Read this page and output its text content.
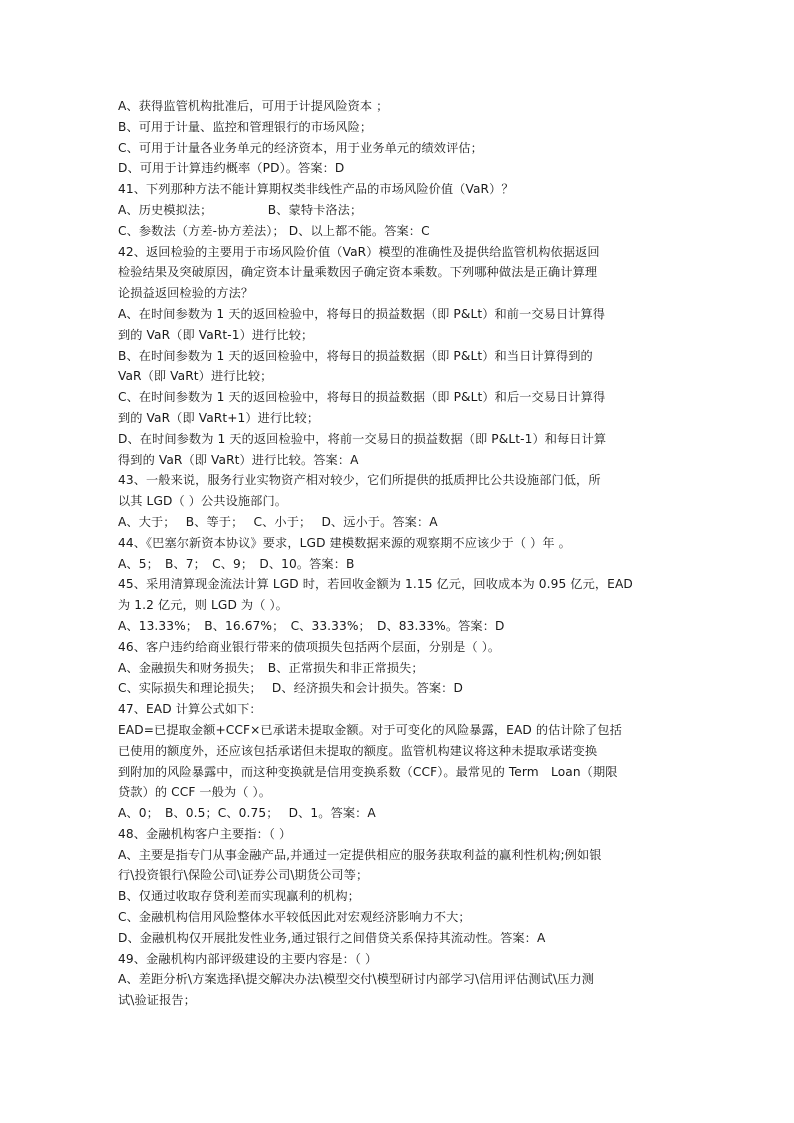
A、获得监管机构批准后，可用于计提风险资本 ；
B、可用于计量、监控和管理银行的市场风险；
C、可用于计量各业务单元的经济资本，用于业务单元的绩效评估；
D、可用于计算违约概率（PD）。答案：D
41、下列那种方法不能计算期权类非线性产品的市场风险价值（VaR）？
A、历史模拟法；　　　　　B、蒙特卡洛法；
C、参数法（方差-协方差法）； D、以上都不能。答案：C
42、返回检验的主要用于市场风险价值（VaR）模型的准确性及提供给监管机构依据返回
检验结果及突破原因，确定资本计量乘数因子确定资本乘数。下列哪种做法是正确计算理
论损益返回检验的方法？
A、在时间参数为 1 天的返回检验中，将每日的损益数据（即 P&Lt）和前一交易日计算得
到的 VaR（即 VaRt-1）进行比较；
B、在时间参数为 1 天的返回检验中，将每日的损益数据（即 P&Lt）和当日计算得到的
VaR（即 VaRt）进行比较；
C、在时间参数为 1 天的返回检验中，将每日的损益数据（即 P&Lt）和后一交易日计算得
到的 VaR（即 VaRt+1）进行比较；
D、在时间参数为 1 天的返回检验中，将前一交易日的损益数据（即 P&Lt-1）和每日计算
得到的 VaR（即 VaRt）进行比较。答案：A
43、一般来说，服务行业实物资产相对较少，它们所提供的抵质押比公共设施部门低，所
以其 LGD（ ）公共设施部门。
A、大于；　 B、等于；　 C、小于；　 D、远小于。答案：A
44、《巴塞尔新资本协议》要求，LGD 建模数据来源的观察期不应该少于（ ）年 。
A、5；　B、7；　C、9；　D、10。答案：B
45、采用清算现金流法计算 LGD 时，若回收金额为 1.15 亿元，回收成本为 0.95 亿元，EAD
为 1.2 亿元，则 LGD 为（ ）。
A、13.33%；　B、16.67%；　C、33.33%；　D、83.33%。答案：D
46、客户违约给商业银行带来的债项损失包括两个层面，分别是（ ）。
A、金融损失和财务损失；　B、正常损失和非正常损失；
C、实际损失和理论损失；　 D、经济损失和会计损失。答案：D
47、EAD 计算公式如下：
EAD=已提取金额+CCF×已承诺未提取金额。对于可变化的风险暴露，EAD 的估计除了包括
已使用的额度外，还应该包括承诺但未提取的额度。监管机构建议将这种未提取承诺变换
到附加的风险暴露中，而这种变换就是信用变换系数（CCF）。最常见的 Term　Loan（期限
贷款）的 CCF 一般为（ ）。
A、0；　B、0.5；C、0.75；　 D、1。答案：A
48、金融机构客户主要指：（ ）
A、主要是指专门从事金融产品,并通过一定提供相应的服务获取利益的赢利性机构;例如银
行\投资银行\保险公司\证券公司\期货公司等；
B、仅通过收取存贷利差而实现赢利的机构；
C、金融机构信用风险整体水平较低因此对宏观经济影响力不大；
D、金融机构仅开展批发性业务,通过银行之间借贷关系保持其流动性。答案：A
49、金融机构内部评级建设的主要内容是：（ ）
A、差距分析\方案选择\提交解决办法\模型交付\模型研讨内部学习\信用评估测试\压力测
试\验证报告；
